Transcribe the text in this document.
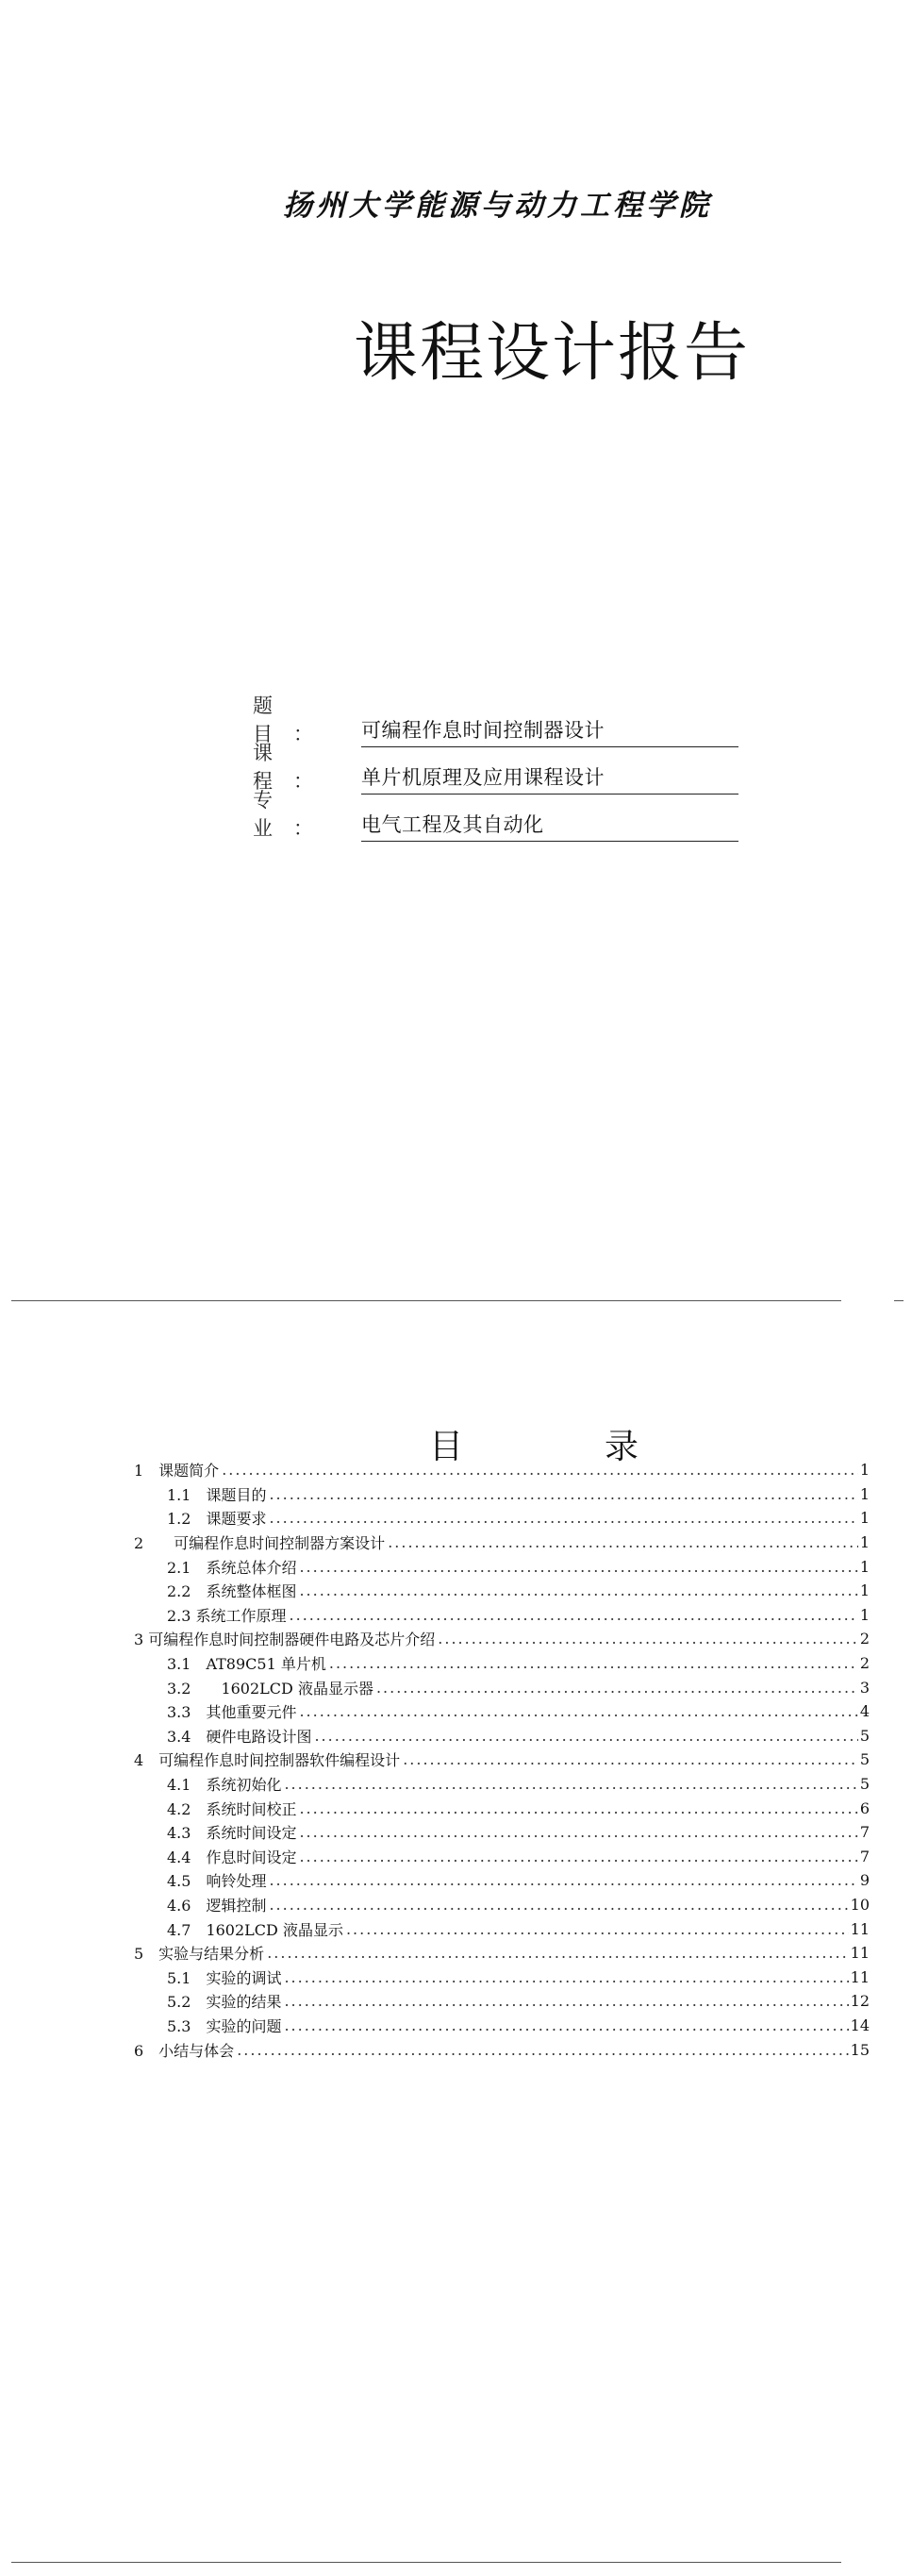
扬州大学能源与动力工程学院
课程设计报告
题 目：	可编程作息时间控制器设计
课 程：	单片机原理及应用课程设计
专 业：	电气工程及其自动化
目	录
1　课题简介 .....	1
1.1　课题目的 .....	1
1.2　课题要求 .....	1
2　　可编程作息时间控制器方案设计 .....	1
2.1　系统总体介绍 .....	1
2.2　系统整体框图 .....	1
2.3 系统工作原理 .....	1
3 可编程作息时间控制器硬件电路及芯片介绍 .....	2
3.1　AT89C51 单片机 .....	2
3.2　　1602LCD 液晶显示器 .....	3
3.3　其他重要元件 .....	4
3.4　硬件电路设计图 .....	5
4　可编程作息时间控制器软件编程设计 .....	5
4.1　系统初始化 .....	5
4.2　系统时间校正 .....	6
4.3　系统时间设定 .....	7
4.4　作息时间设定 .....	7
4.5　响铃处理 .....	9
4.6　逻辑控制 .....	10
4.7　1602LCD 液晶显示 .....	11
5　实验与结果分析 .....	11
5.1　实验的调试 .....	11
5.2　实验的结果 .....	12
5.3　实验的问题 .....	14
6　小结与体会 .....	15
